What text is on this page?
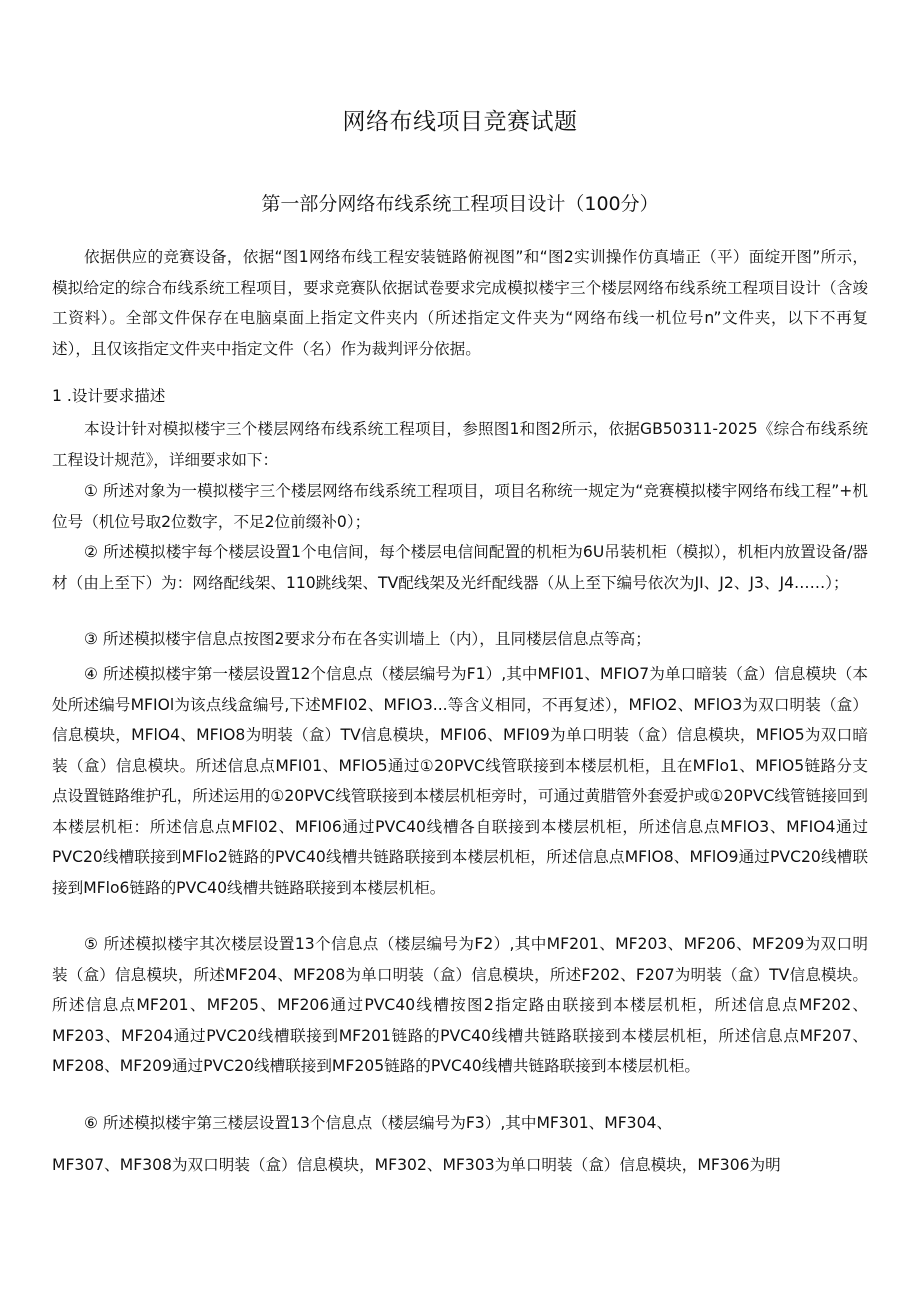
网络布线项目竞赛试题
第一部分网络布线系统工程项目设计（100分）

依据供应的竞赛设备，依据“图1网络布线工程安装链路俯视图”和“图2实训操作仿真墙正（平）面绽开图”所示，模拟给定的综合布线系统工程项目，要求竞赛队依据试卷要求完成模拟楼宇三个楼层网络布线系统工程项目设计（含竣工资料）。全部文件保存在电脑桌面上指定文件夹内（所述指定文件夹为“网络布线一机位号n”文件夹，以下不再复述），且仅该指定文件夹中指定文件（名）作为裁判评分依据。

1 .设计要求描述

本设计针对模拟楼宇三个楼层网络布线系统工程项目，参照图1和图2所示，依据GB50311-2025《综合布线系统工程设计规范》，详细要求如下：

① 所述对象为一模拟楼宇三个楼层网络布线系统工程项目，项目名称统一规定为“竞赛模拟楼宇网络布线工程”+机位号（机位号取2位数字，不足2位前缀补0）；

② 所述模拟楼宇每个楼层设置1个电信间，每个楼层电信间配置的机柜为6U吊装机柜（模拟），机柜内放置设备/器材（由上至下）为：网络配线架、110跳线架、TV配线架及光纤配线器（从上至下编号依次为JI、J2、J3、J4……）；

③ 所述模拟楼宇信息点按图2要求分布在各实训墙上（内），且同楼层信息点等高；

④ 所述模拟楼宇第一楼层设置12个信息点（楼层编号为F1）,其中MFI01、MFIO7为单口暗装（盒）信息模块（本处所述编号MFIOl为该点线盒编号,下述MFI02、MFIO3...等含义相同，不再复述），MFlO2、MFlO3为双口明装（盒）信息模块，MFlO4、MFIO8为明装（盒）TV信息模块，MFI06、MFI09为单口明装（盒）信息模块，MFlO5为双口暗装（盒）信息模块。所述信息点MFI01、MFlO5通过①20PVC线管联接到本楼层机柜，且在MFlo1、MFlO5链路分支点设置链路维护孔，所述运用的①20PVC线管联接到本楼层机柜旁时，可通过黄腊管外套爱护或①20PVC线管链接回到本楼层机柜：所述信息点MFl02、MFI06通过PVC40线槽各自联接到本楼层机柜，所述信息点MFlO3、MFIO4通过PVC20线槽联接到MFlo2链路的PVC40线槽共链路联接到本楼层机柜，所述信息点MFlO8、MFlO9通过PVC20线槽联接到MFlo6链路的PVC40线槽共链路联接到本楼层机柜。

⑤ 所述模拟楼宇其次楼层设置13个信息点（楼层编号为F2）,其中MF201、MF203、MF206、MF209为双口明装（盒）信息模块，所述MF204、MF208为单口明装（盒）信息模块，所述F202、F207为明装（盒）TV信息模块。所述信息点MF201、MF205、MF206通过PVC40线槽按图2指定路由联接到本楼层机柜，所述信息点MF202、MF203、MF204通过PVC20线槽联接到MF201链路的PVC40线槽共链路联接到本楼层机柜，所述信息点MF207、MF208、MF209通过PVC20线槽联接到MF205链路的PVC40线槽共链路联接到本楼层机柜。

⑥ 所述模拟楼宇第三楼层设置13个信息点（楼层编号为F3）,其中MF301、MF304、

MF307、MF308为双口明装（盒）信息模块，MF302、MF303为单口明装（盒）信息模块，MF306为明
